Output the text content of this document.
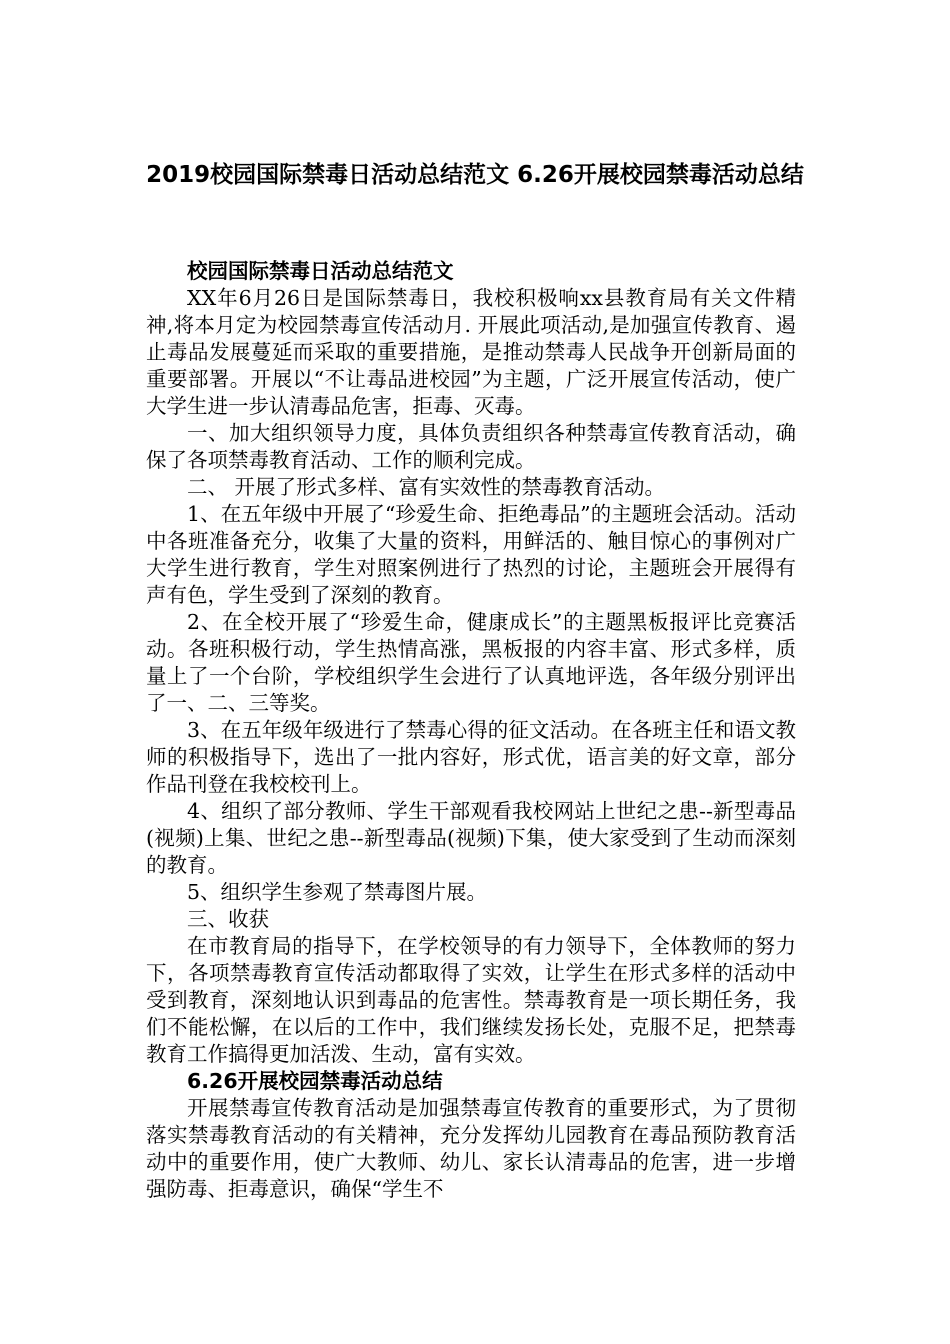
2019校园国际禁毒日活动总结范文 6.26开展校园禁毒活动总结

校园国际禁毒日活动总结范文

XX年6月26日是国际禁毒日，我校积极响xx县教育局有关文件精神,将本月定为校园禁毒宣传活动月. 开展此项活动,是加强宣传教育、遏止毒品发展蔓延而采取的重要措施，是推动禁毒人民战争开创新局面的重要部署。开展以“不让毒品进校园”为主题，广泛开展宣传活动，使广大学生进一步认清毒品危害，拒毒、灭毒。

一、加大组织领导力度，具体负责组织各种禁毒宣传教育活动，确保了各项禁毒教育活动、工作的顺利完成。

二、 开展了形式多样、富有实效性的禁毒教育活动。

1、在五年级中开展了“珍爱生命、拒绝毒品”的主题班会活动。活动中各班准备充分，收集了大量的资料，用鲜活的、触目惊心的事例对广大学生进行教育，学生对照案例进行了热烈的讨论，主题班会开展得有声有色，学生受到了深刻的教育。

2、在全校开展了“珍爱生命，健康成长”的主题黑板报评比竞赛活动。各班积极行动，学生热情高涨，黑板报的内容丰富、形式多样，质量上了一个台阶，学校组织学生会进行了认真地评选，各年级分别评出了一、二、三等奖。

3、在五年级年级进行了禁毒心得的征文活动。在各班主任和语文教师的积极指导下，选出了一批内容好，形式优，语言美的好文章，部分作品刊登在我校校刊上。

4、组织了部分教师、学生干部观看我校网站上世纪之患--新型毒品(视频)上集、世纪之患--新型毒品(视频)下集，使大家受到了生动而深刻的教育。

5、组织学生参观了禁毒图片展。

三、收获

在市教育局的指导下，在学校领导的有力领导下，全体教师的努力下，各项禁毒教育宣传活动都取得了实效，让学生在形式多样的活动中受到教育，深刻地认识到毒品的危害性。禁毒教育是一项长期任务，我们不能松懈，在以后的工作中，我们继续发扬长处，克服不足，把禁毒教育工作搞得更加活泼、生动，富有实效。

6.26开展校园禁毒活动总结

开展禁毒宣传教育活动是加强禁毒宣传教育的重要形式，为了贯彻落实禁毒教育活动的有关精神，充分发挥幼儿园教育在毒品预防教育活动中的重要作用，使广大教师、幼儿、家长认清毒品的危害，进一步增强防毒、拒毒意识，确保“学生不
